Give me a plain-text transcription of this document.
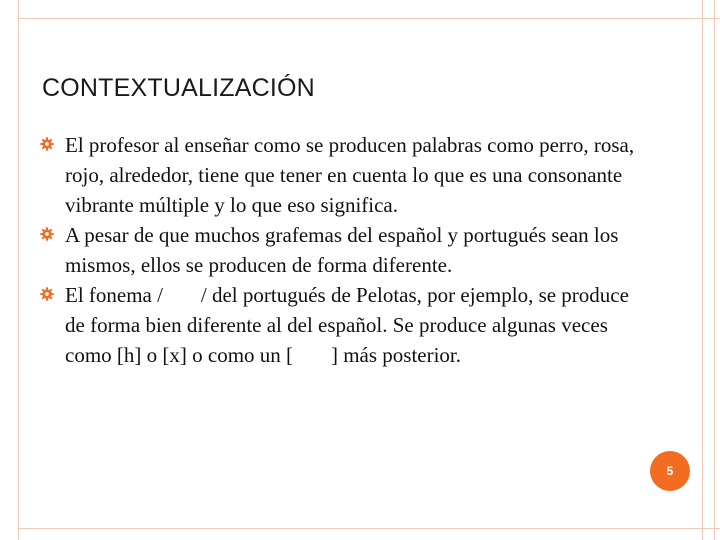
CONTEXTUALIZACIÓN
El profesor al enseñar como se producen palabras como perro, rosa, rojo, alrededor, tiene que tener en cuenta lo que es una consonante vibrante múltiple y lo que eso significa.
A pesar de que muchos grafemas del español y portugués sean los mismos, ellos se producen de forma diferente.
El fonema / / del portugués de Pelotas, por ejemplo, se produce de forma bien diferente al del español. Se produce algunas veces como [h] o [x] o como un [ ] más posterior.
5
